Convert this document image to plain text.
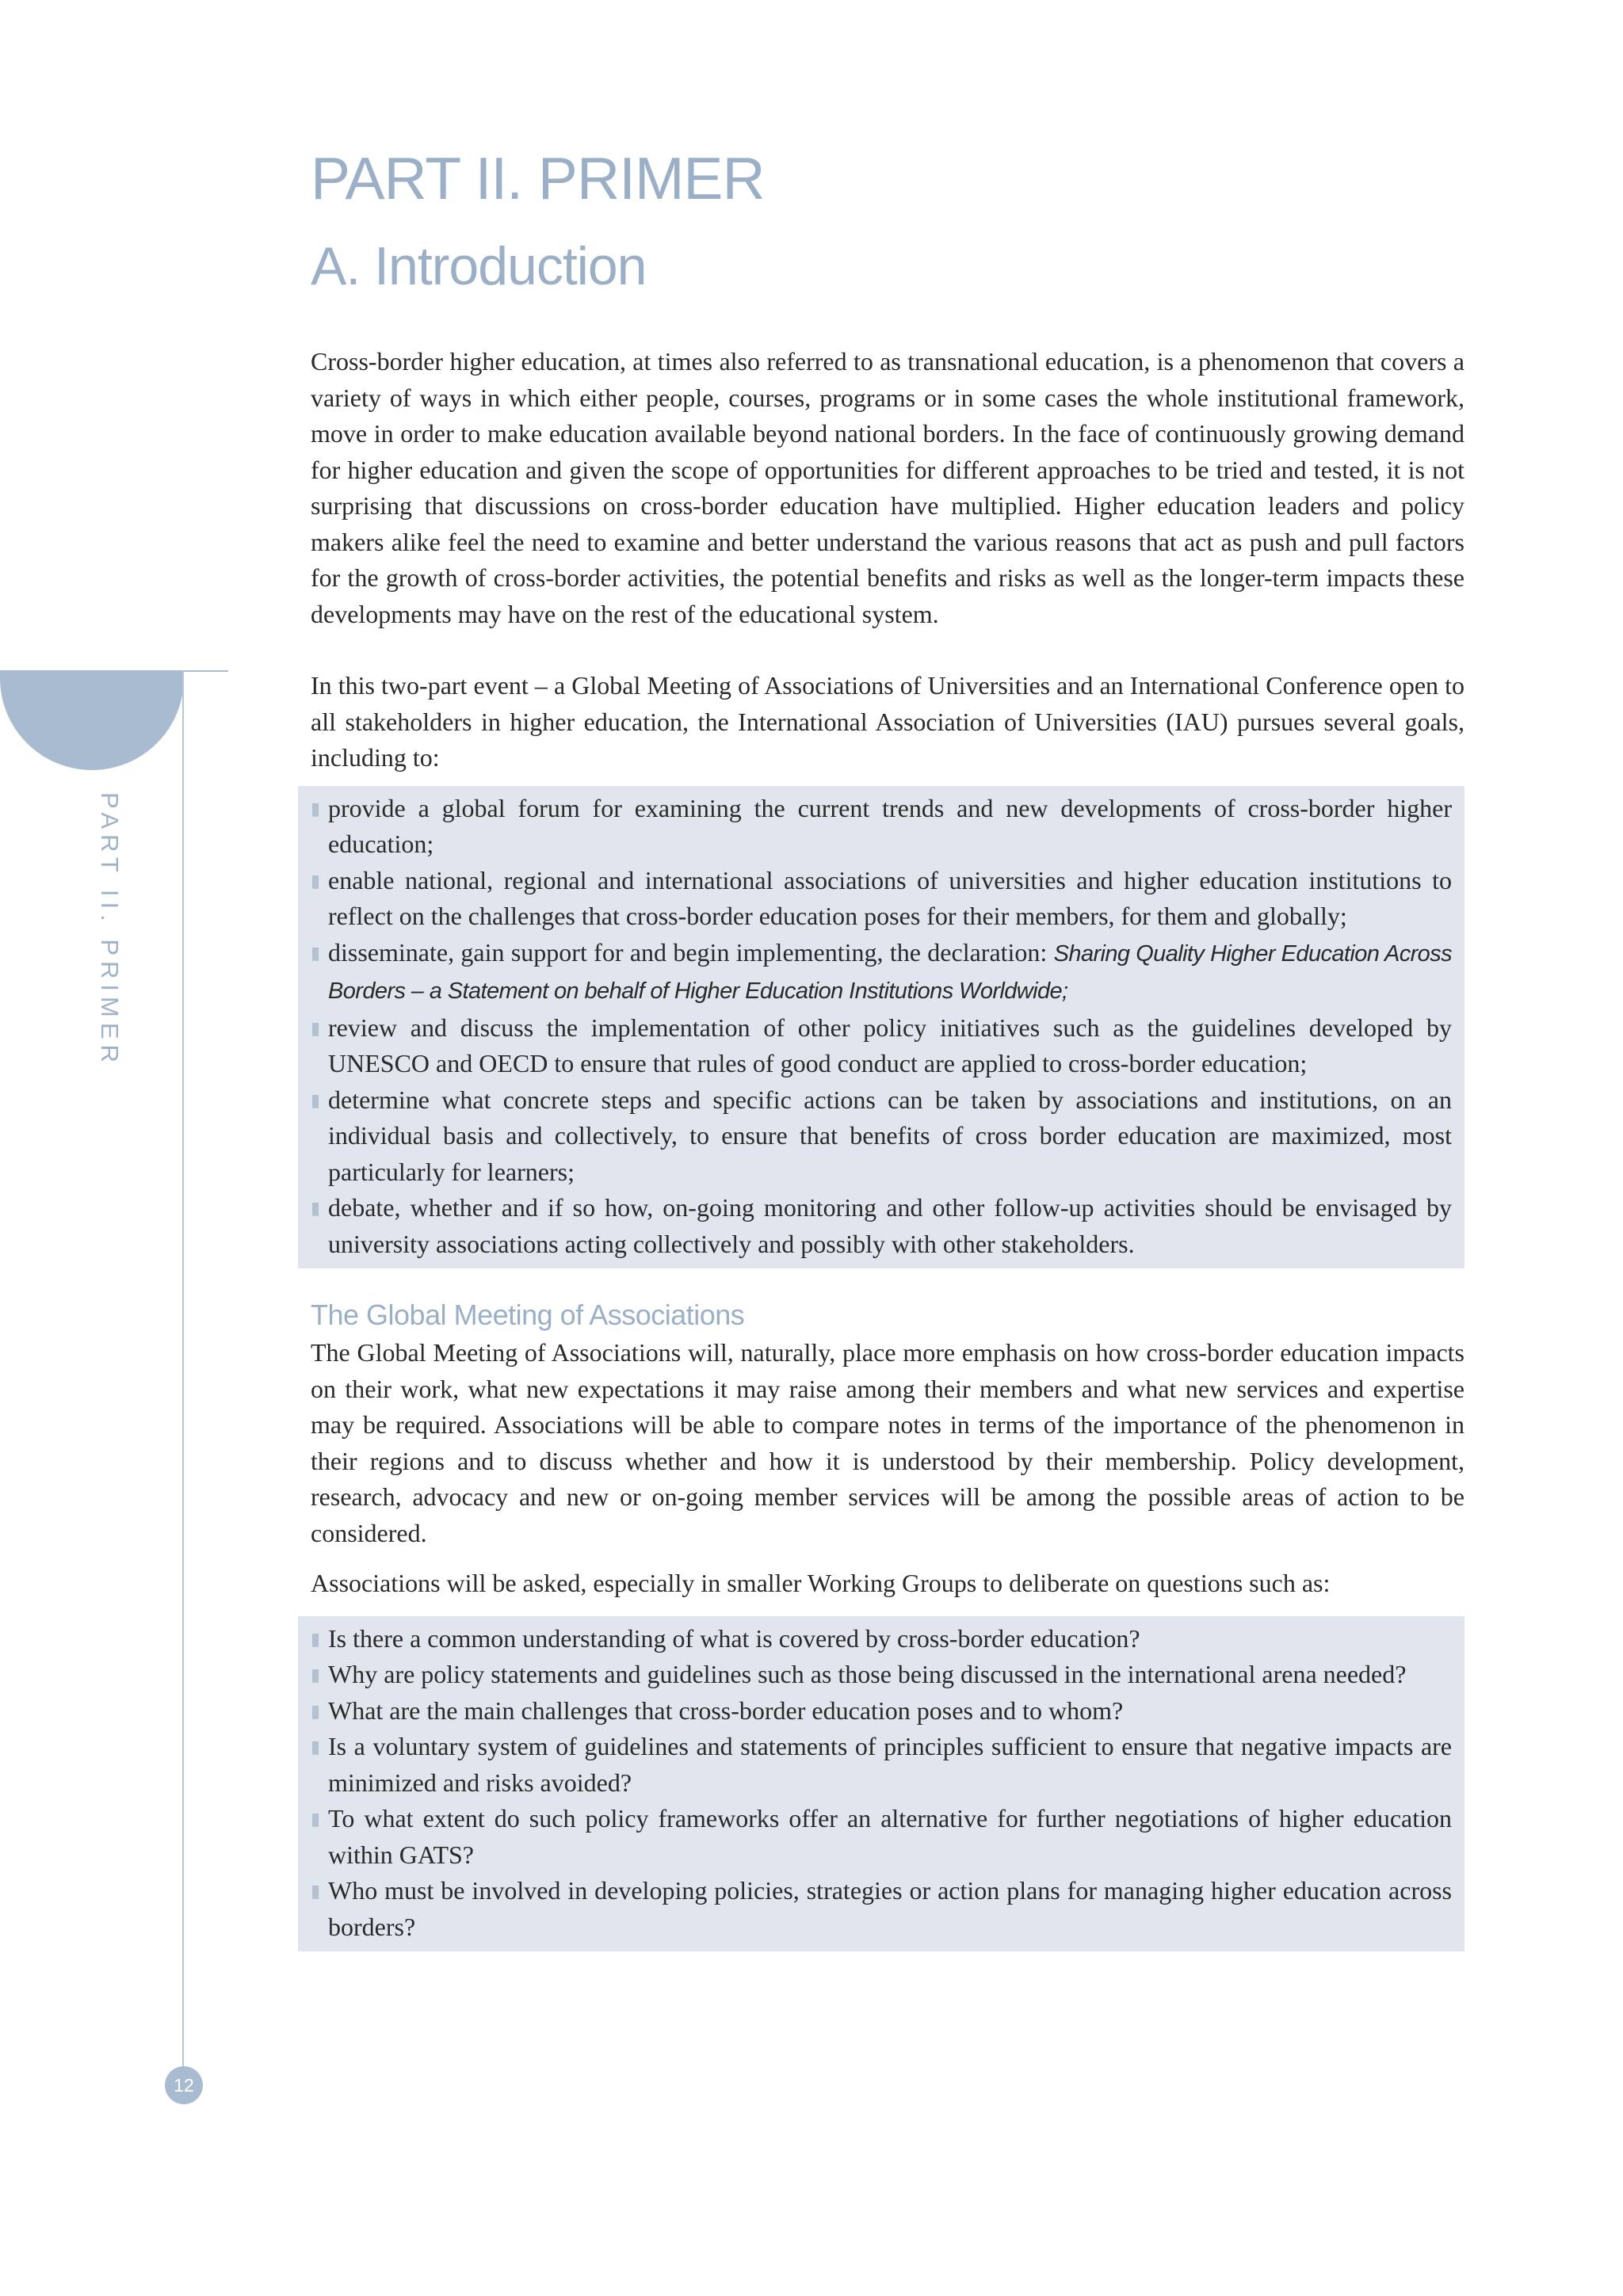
PART II. PRIMER
12
PART II. PRIMER
A. Introduction

Cross-border higher education, at times also referred to as transnational education, is a phenomenon that covers a variety of ways in which either people, courses, programs or in some cases the whole institutional framework, move in order to make education available beyond national borders. In the face of continuously growing demand for higher education and given the scope of opportunities for different approaches to be tried and tested, it is not surprising that discussions on cross-border education have multiplied. Higher education leaders and policy makers alike feel the need to examine and better understand the various reasons that act as push and pull factors for the growth of cross-border activities, the potential benefits and risks as well as the longer-term impacts these developments may have on the rest of the educational system.

In this two-part event – a Global Meeting of Associations of Universities and an International Conference open to all stakeholders in higher education, the International Association of Universities (IAU) pursues several goals, including to:

▮ provide a global forum for examining the current trends and new developments of cross-border higher education;
▮ enable national, regional and international associations of universities and higher education institutions to reflect on the challenges that cross-border education poses for their members, for them and globally;
▮ disseminate, gain support for and begin implementing, the declaration: Sharing Quality Higher Education Across Borders – a Statement on behalf of Higher Education Institutions Worldwide;
▮ review and discuss the implementation of other policy initiatives such as the guidelines developed by UNESCO and OECD to ensure that rules of good conduct are applied to cross-border education;
▮ determine what concrete steps and specific actions can be taken by associations and institutions, on an individual basis and collectively, to ensure that benefits of cross border education are maximized, most particularly for learners;
▮ debate, whether and if so how, on-going monitoring and other follow-up activities should be envisaged by university associations acting collectively and possibly with other stakeholders.
The Global Meeting of Associations

The Global Meeting of Associations will, naturally, place more emphasis on how cross-border education impacts on their work, what new expectations it may raise among their members and what new services and expertise may be required. Associations will be able to compare notes in terms of the importance of the phenomenon in their regions and to discuss whether and how it is understood by their membership. Policy development, research, advocacy and new or on-going member services will be among the possible areas of action to be considered.

Associations will be asked, especially in smaller Working Groups to deliberate on questions such as:

▮ Is there a common understanding of what is covered by cross-border education?
▮ Why are policy statements and guidelines such as those being discussed in the international arena needed?
▮ What are the main challenges that cross-border education poses and to whom?
▮ Is a voluntary system of guidelines and statements of principles sufficient to ensure that negative impacts are minimized and risks avoided?
▮ To what extent do such policy frameworks offer an alternative for further negotiations of higher education within GATS?
▮ Who must be involved in developing policies, strategies or action plans for managing higher education across borders?
